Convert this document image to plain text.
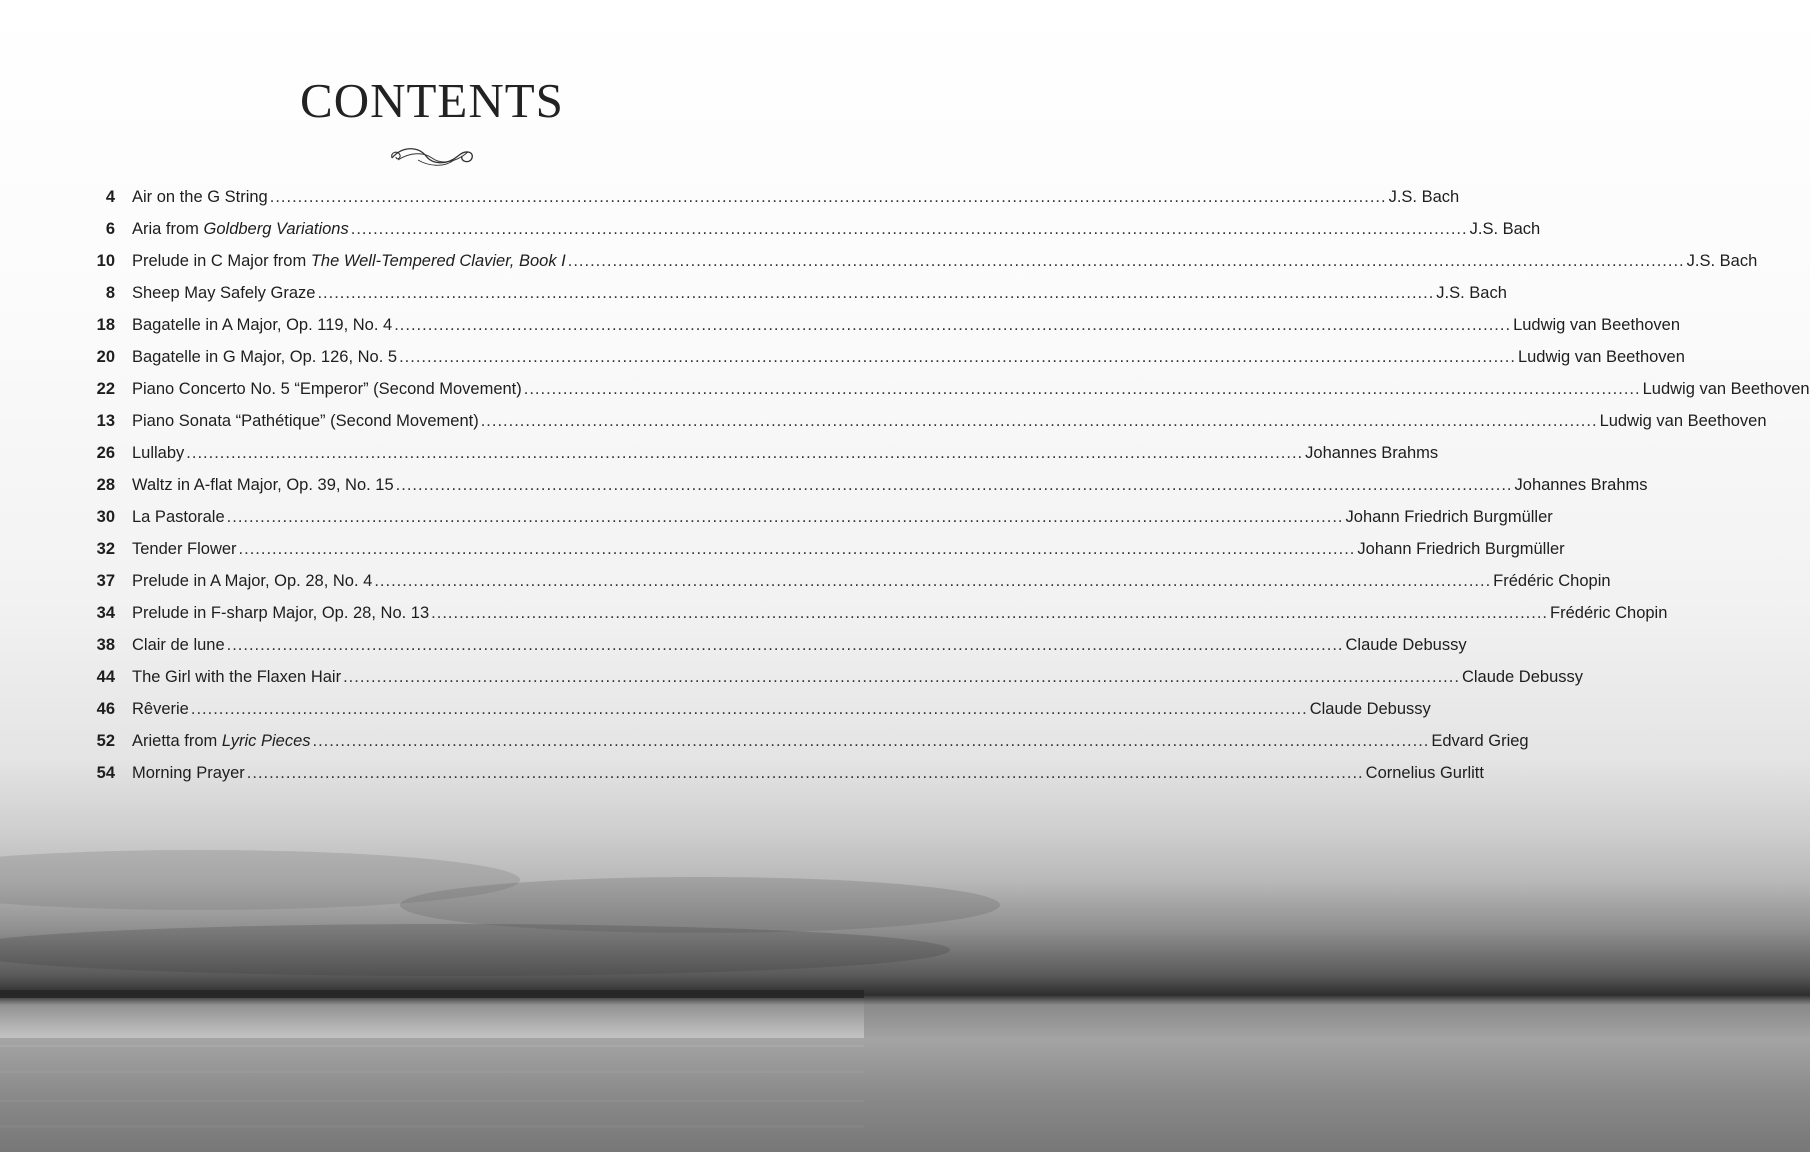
CONTENTS
4 Air on the G String ........................................................................................................................................................................................................ J.S. Bach
6 Aria from Goldberg Variations ........................................................................................................................................................................................................ J.S. Bach
10 Prelude in C Major from The Well-Tempered Clavier, Book I ........................................................................................................................................................................................................ J.S. Bach
8 Sheep May Safely Graze ........................................................................................................................................................................................................ J.S. Bach
18 Bagatelle in A Major, Op. 119, No. 4 ........................................................................................................................................................................................................ Ludwig van Beethoven
20 Bagatelle in G Major, Op. 126, No. 5 ........................................................................................................................................................................................................ Ludwig van Beethoven
22 Piano Concerto No. 5 “Emperor” (Second Movement) ........................................................................................................................................................................................................ Ludwig van Beethoven
13 Piano Sonata “Pathétique” (Second Movement) ........................................................................................................................................................................................................ Ludwig van Beethoven
26 Lullaby ........................................................................................................................................................................................................ Johannes Brahms
28 Waltz in A-flat Major, Op. 39, No. 15 ........................................................................................................................................................................................................ Johannes Brahms
30 La Pastorale ........................................................................................................................................................................................................ Johann Friedrich Burgmüller
32 Tender Flower ........................................................................................................................................................................................................ Johann Friedrich Burgmüller
37 Prelude in A Major, Op. 28, No. 4 ........................................................................................................................................................................................................ Frédéric Chopin
34 Prelude in F-sharp Major, Op. 28, No. 13 ........................................................................................................................................................................................................ Frédéric Chopin
38 Clair de lune ........................................................................................................................................................................................................ Claude Debussy
44 The Girl with the Flaxen Hair ........................................................................................................................................................................................................ Claude Debussy
46 Rêverie ........................................................................................................................................................................................................ Claude Debussy
52 Arietta from Lyric Pieces ........................................................................................................................................................................................................ Edvard Grieg
54 Morning Prayer ........................................................................................................................................................................................................ Cornelius Gurlitt
